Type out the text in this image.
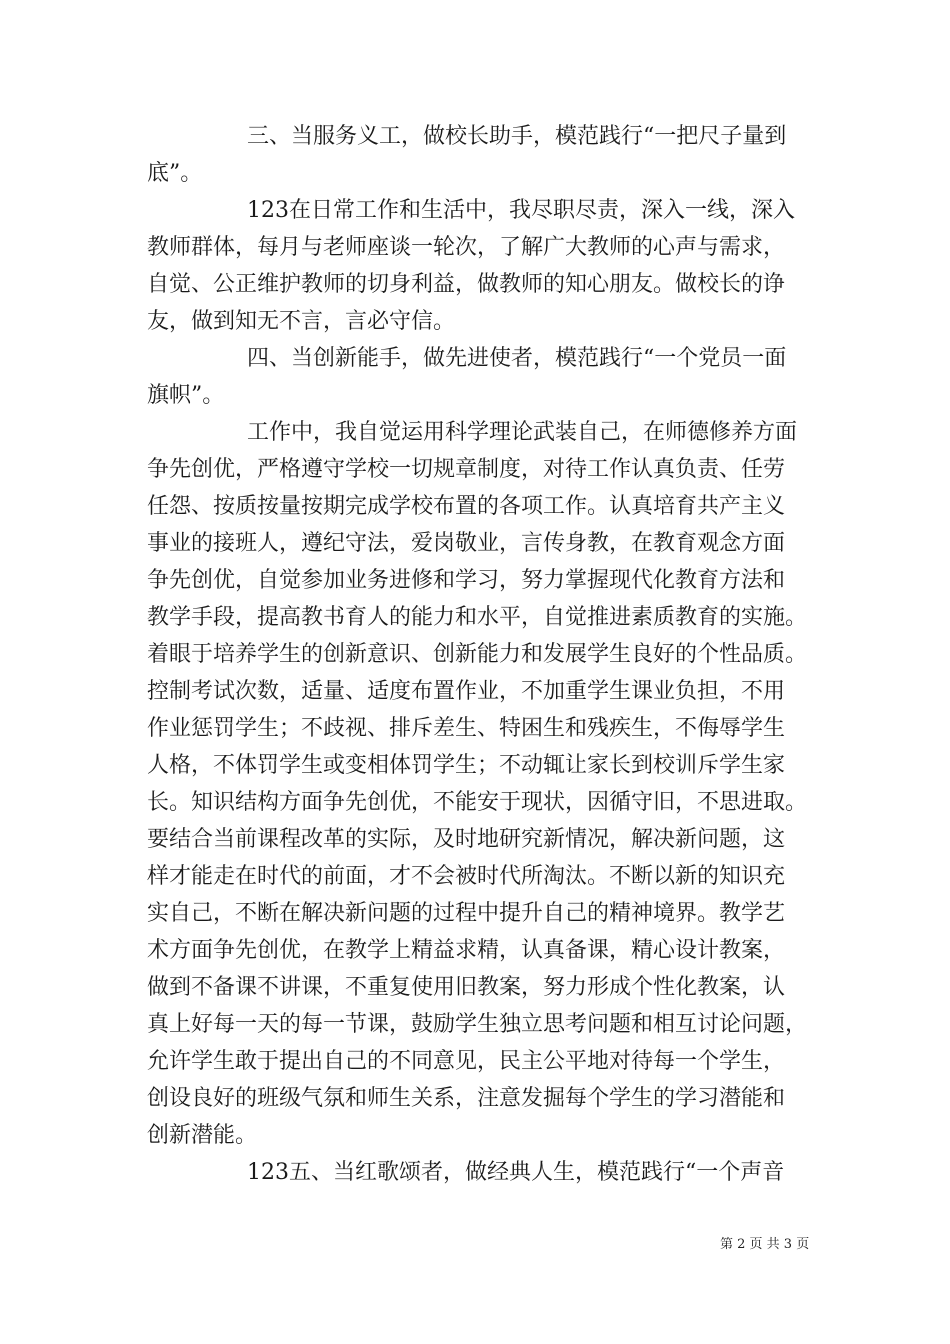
三、当服务义工，做校长助手，模范践行“一把尺子量到
底”。
123在日常工作和生活中，我尽职尽责，深入一线，深入
教师群体，每月与老师座谈一轮次，了解广大教师的心声与需求，
自觉、公正维护教师的切身利益，做教师的知心朋友。做校长的诤
友，做到知无不言，言必守信。
四、当创新能手，做先进使者，模范践行“一个党员一面
旗帜”。
工作中，我自觉运用科学理论武装自己，在师德修养方面
争先创优，严格遵守学校一切规章制度，对待工作认真负责、任劳
任怨、按质按量按期完成学校布置的各项工作。认真培育共产主义
事业的接班人，遵纪守法，爱岗敬业，言传身教，在教育观念方面
争先创优，自觉参加业务进修和学习，努力掌握现代化教育方法和
教学手段，提高教书育人的能力和水平，自觉推进素质教育的实施。
着眼于培养学生的创新意识、创新能力和发展学生良好的个性品质。
控制考试次数，适量、适度布置作业，不加重学生课业负担，不用
作业惩罚学生；不歧视、排斥差生、特困生和残疾生，不侮辱学生
人格，不体罚学生或变相体罚学生；不动辄让家长到校训斥学生家
长。知识结构方面争先创优，不能安于现状，因循守旧，不思进取。
要结合当前课程改革的实际，及时地研究新情况，解决新问题，这
样才能走在时代的前面，才不会被时代所淘汰。不断以新的知识充
实自己，不断在解决新问题的过程中提升自己的精神境界。教学艺
术方面争先创优，在教学上精益求精，认真备课，精心设计教案，
做到不备课不讲课，不重复使用旧教案，努力形成个性化教案，认
真上好每一天的每一节课，鼓励学生独立思考问题和相互讨论问题，
允许学生敢于提出自己的不同意见，民主公平地对待每一个学生，
创设良好的班级气氛和师生关系，注意发掘每个学生的学习潜能和
创新潜能。
123五、当红歌颂者，做经典人生，模范践行“一个声音
第 2 页 共 3 页
